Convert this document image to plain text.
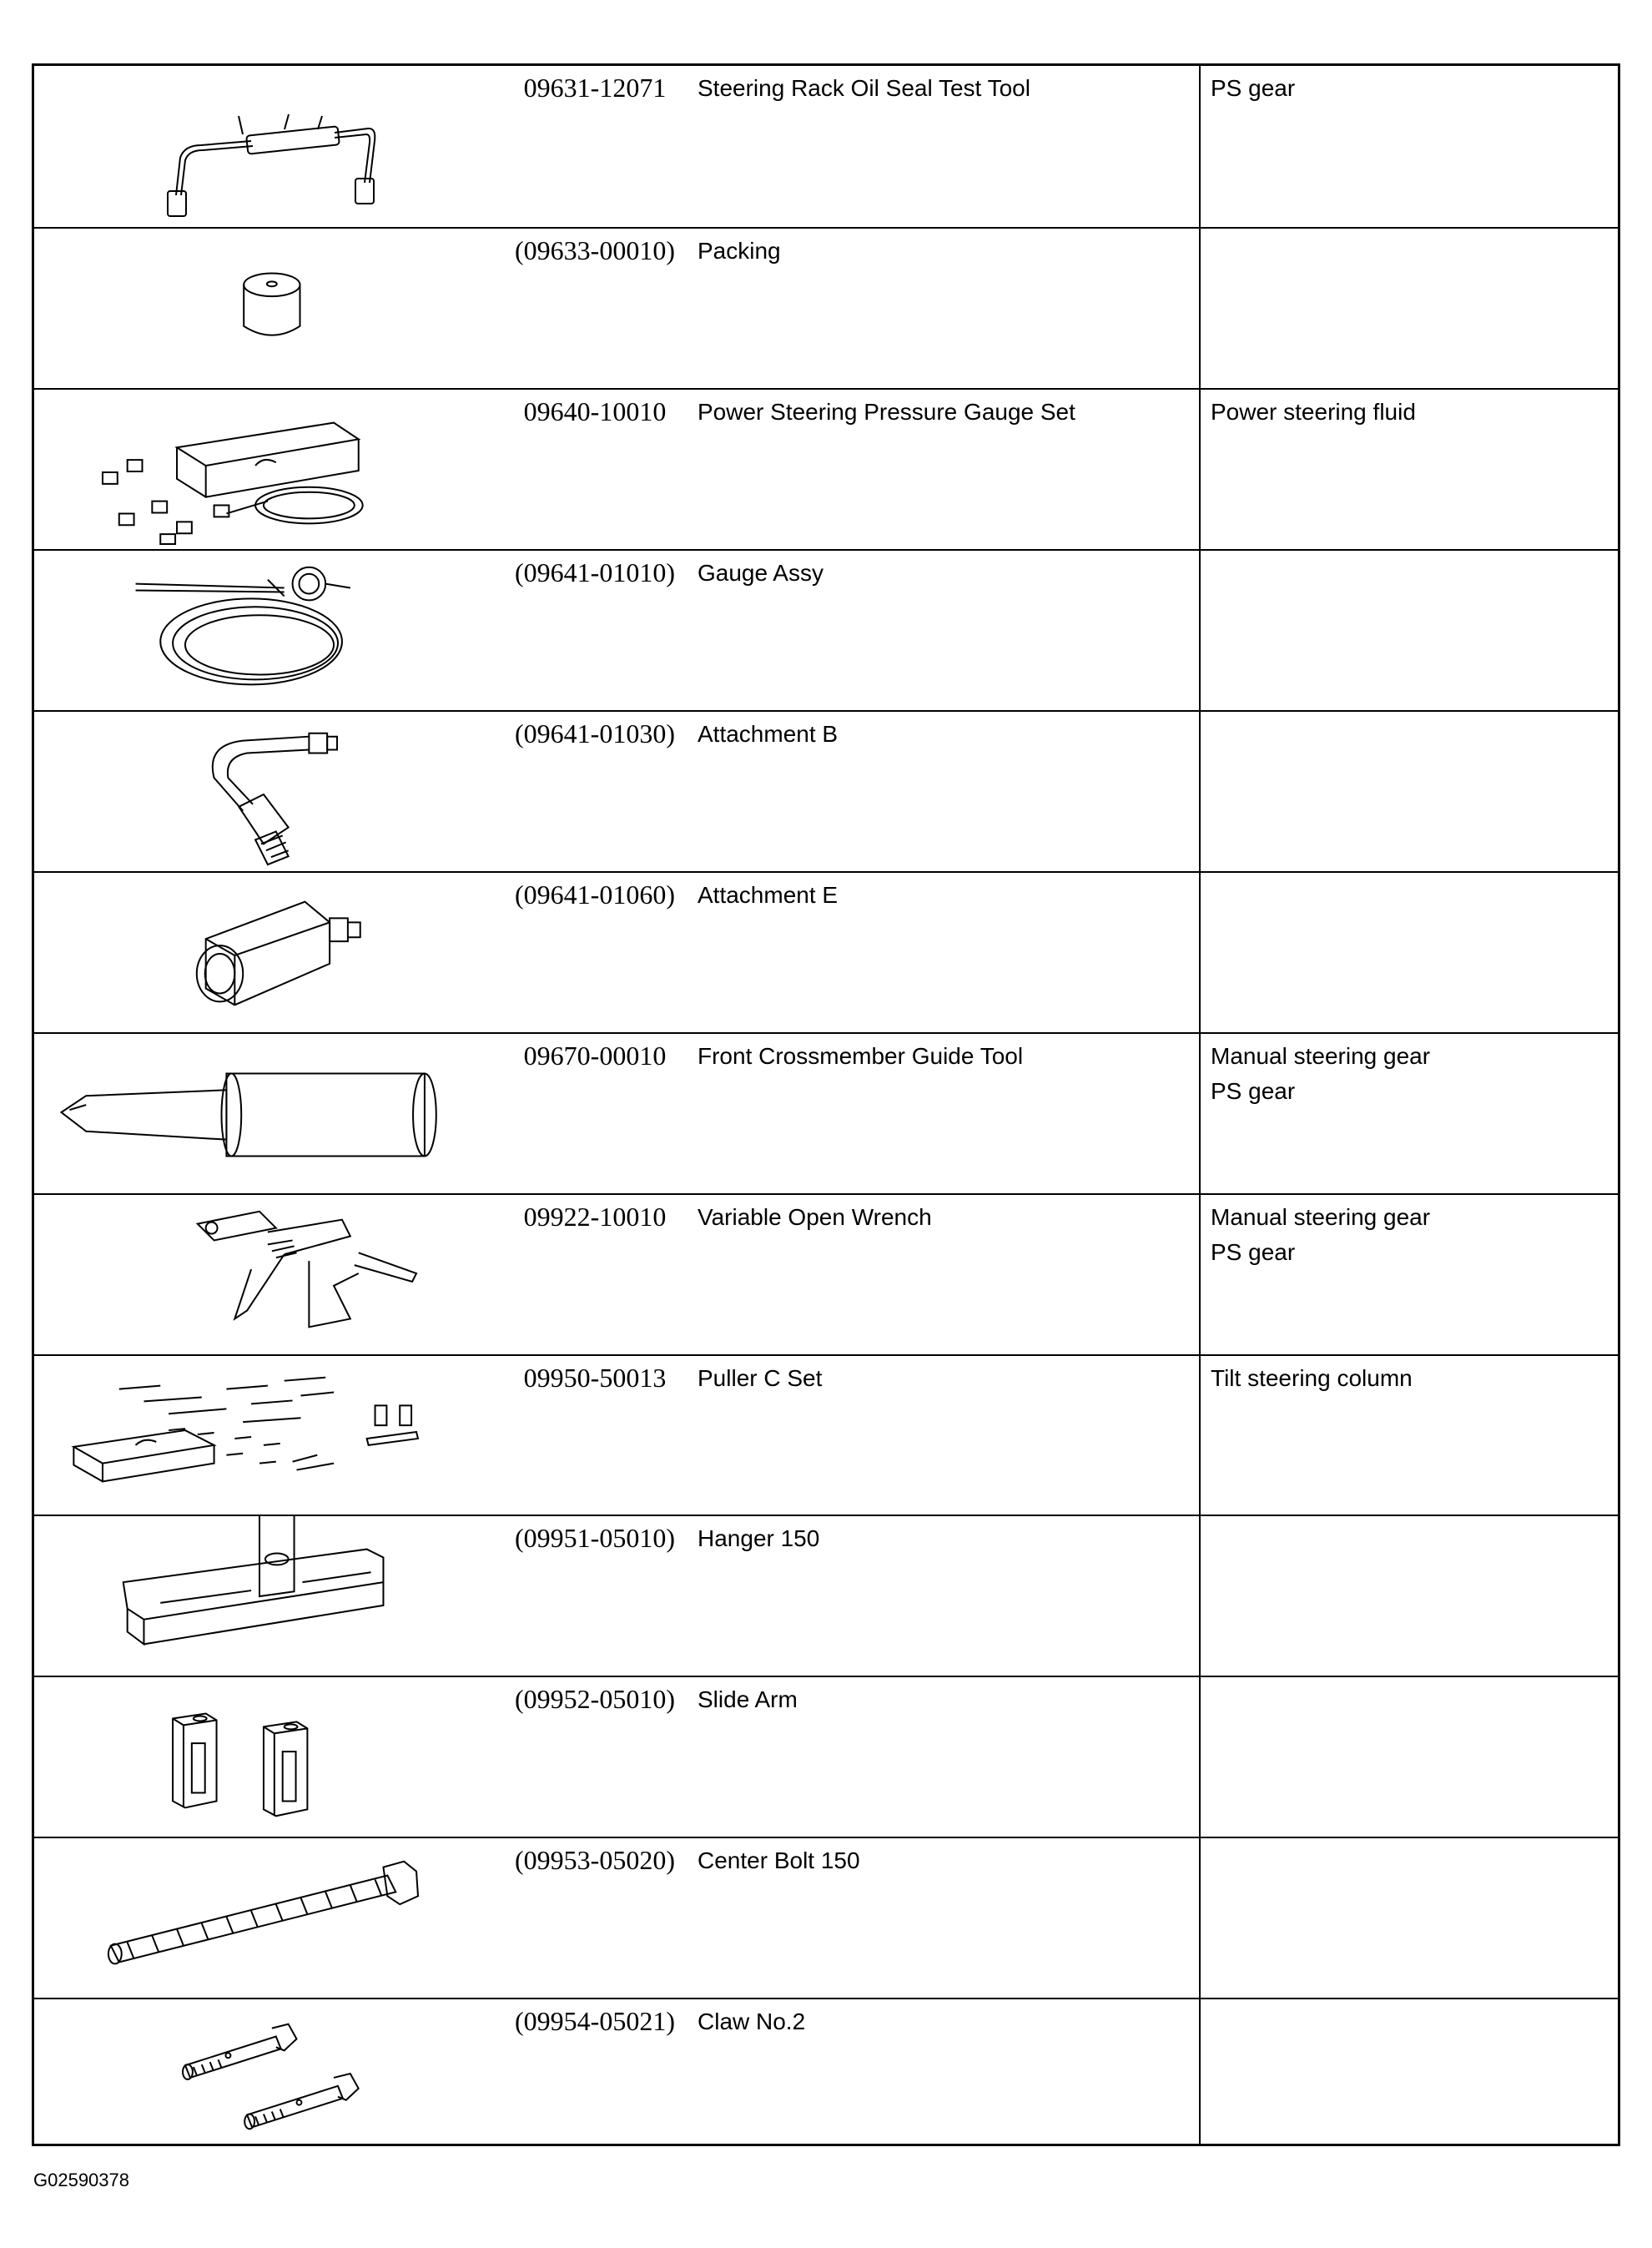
09631-12071	Steering Rack Oil Seal Test Tool	PS gear
(09633-00010) Packing
09640-10010	Power Steering Pressure Gauge Set	Power steering fluid
(09641-01010) Gauge Assy
(09641-01030) Attachment B
(09641-01060) Attachment E
09670-00010	Front Crossmember Guide Tool	Manual steering gear
PS gear
09922-10010	Variable Open Wrench	Manual steering gear
PS gear
09950-50013	Puller C Set	Tilt steering column
(09951-05010) Hanger 150
(09952-05010) Slide Arm
(09953-05020) Center Bolt 150
(09954-05021) Claw No.2
G02590378
